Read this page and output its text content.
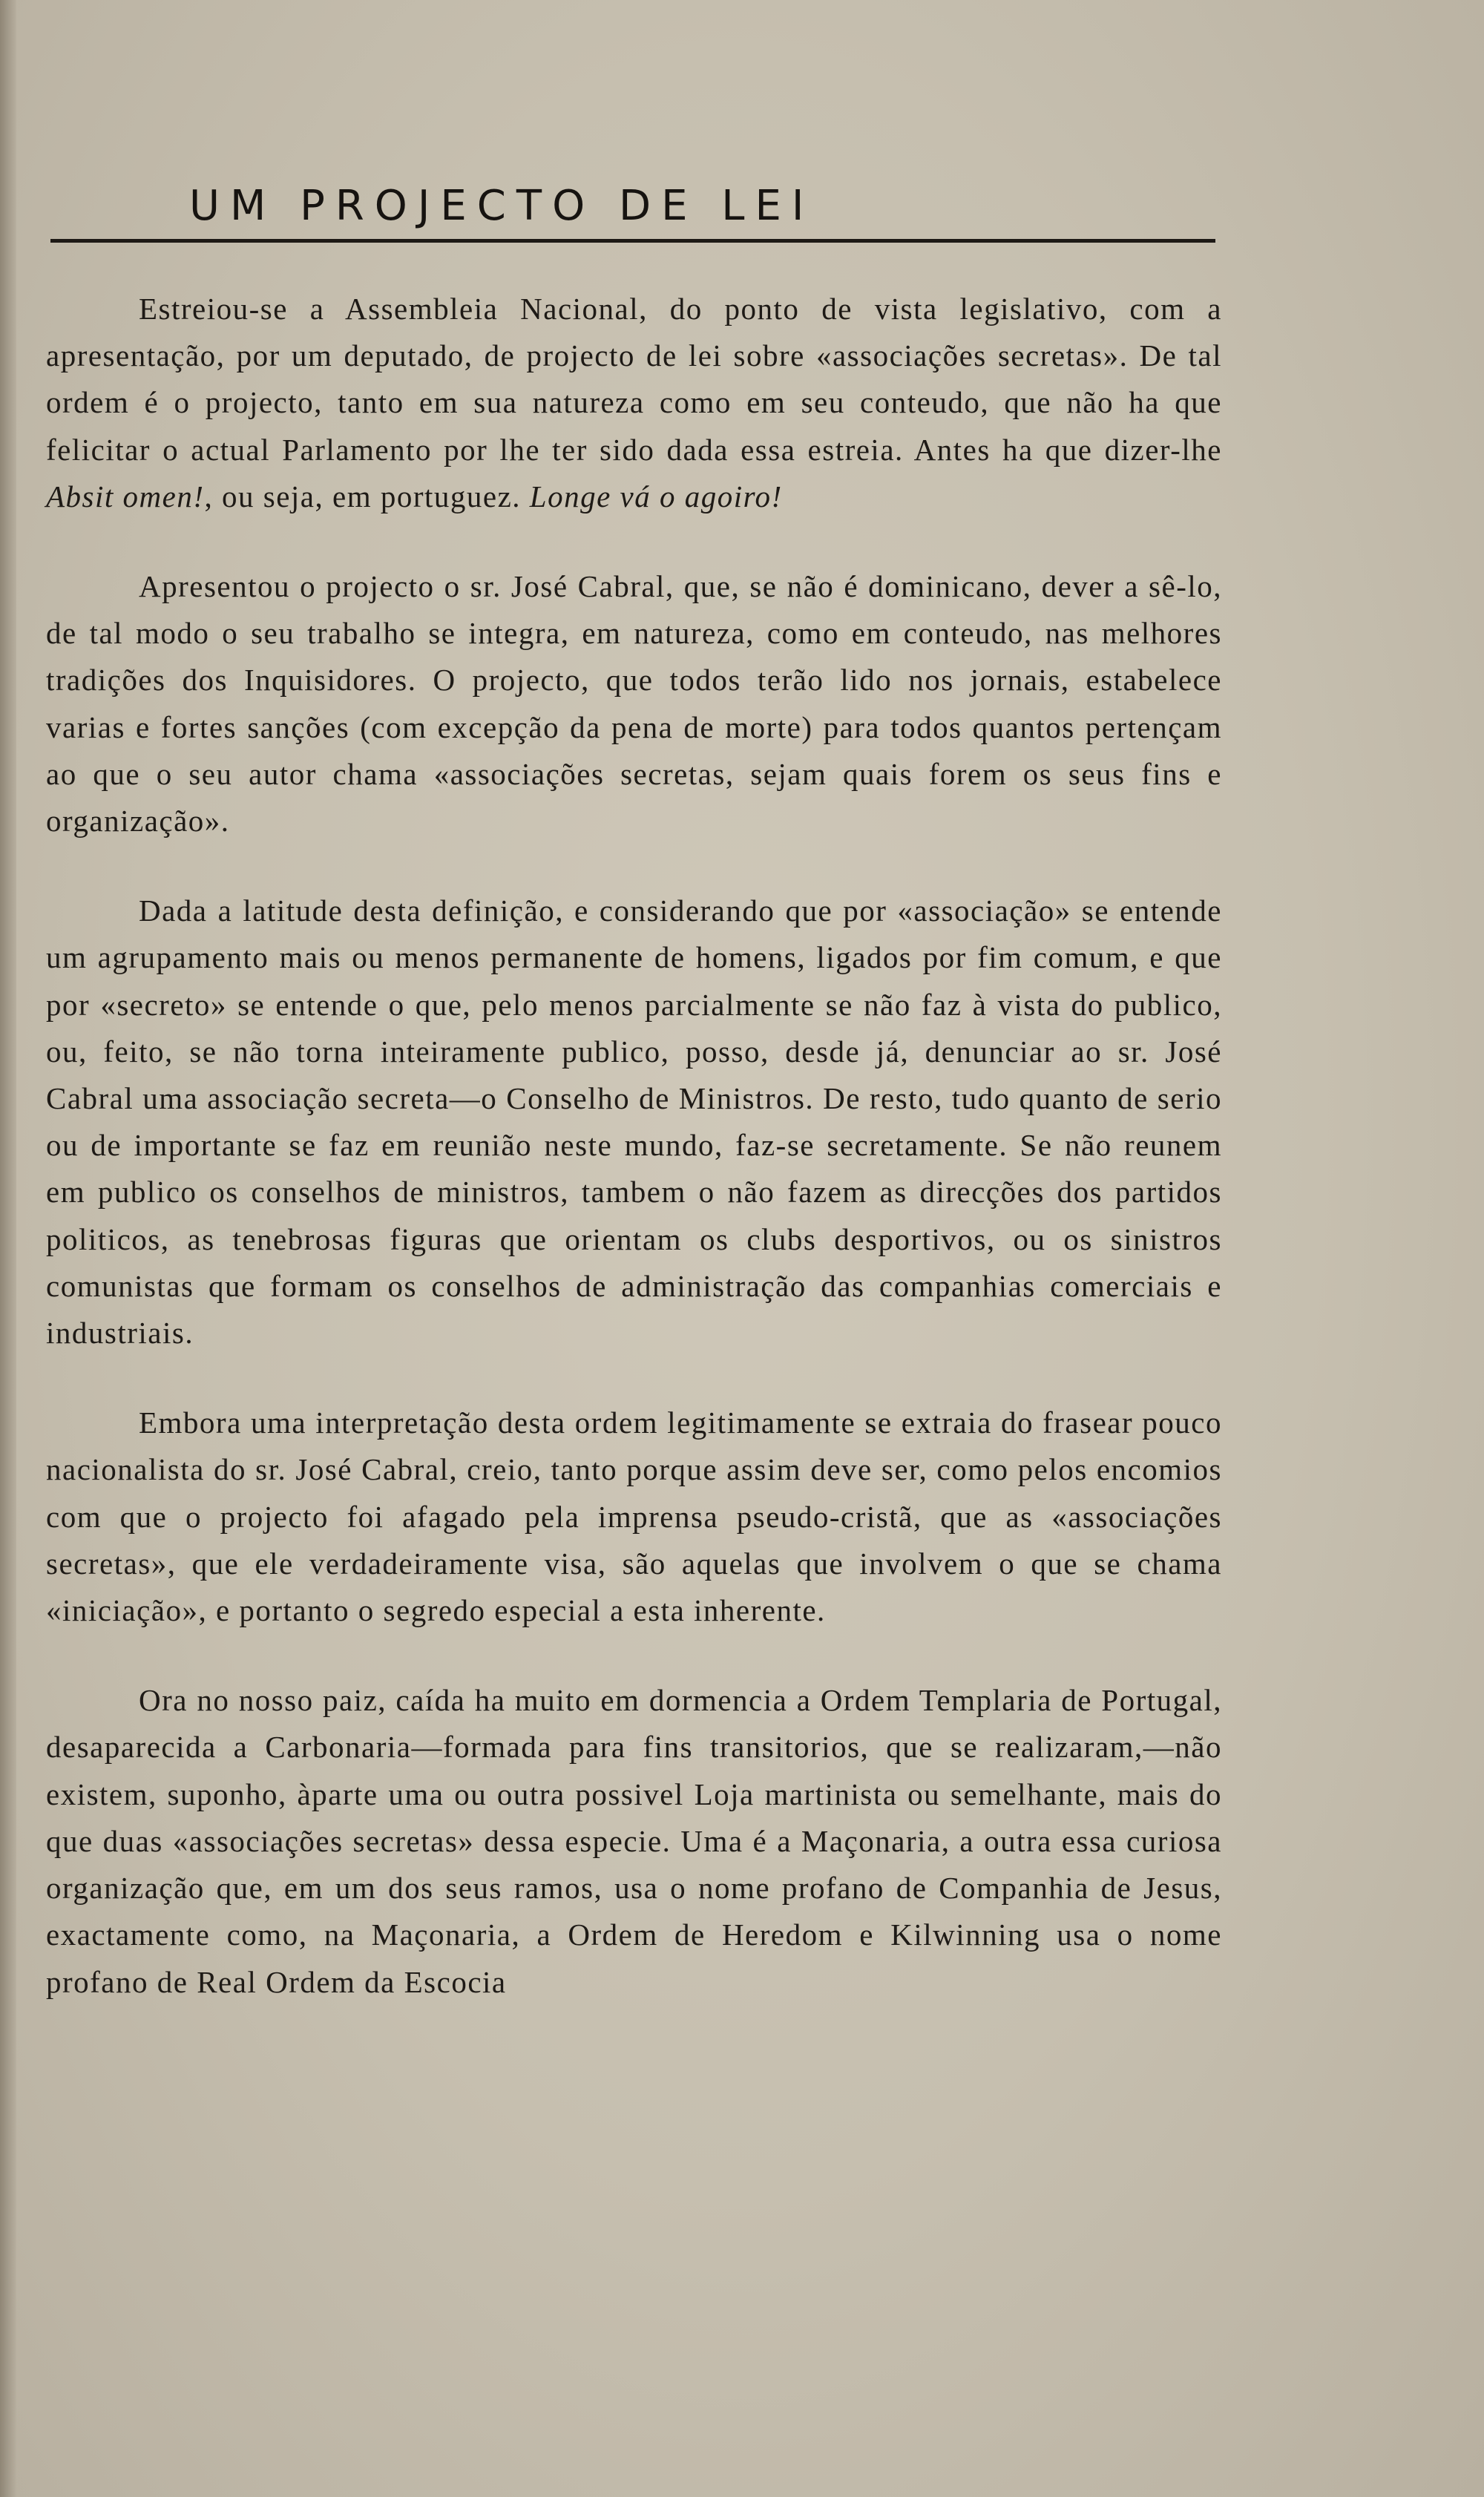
UM PROJECTO DE LEI

Estreiou-se a Assembleia Nacional, do ponto de vista legislativo, com a apresentação, por um deputado, de projecto de lei sobre «associações secretas». De tal ordem é o projecto, tanto em sua natureza como em seu conteudo, que não ha que felicitar o actual Parlamento por lhe ter sido dada essa estreia. Antes ha que dizer-lhe Absit omen!, ou seja, em portuguez. Longe vá o agoiro!

Apresentou o projecto o sr. José Cabral, que, se não é dominicano, dever a sê-lo, de tal modo o seu trabalho se integra, em natureza, como em conteudo, nas melhores tradições dos Inquisidores. O projecto, que todos terão lido nos jornais, estabelece varias e fortes sanções (com excepção da pena de morte) para todos quantos pertençam ao que o seu autor chama «associações secretas, sejam quais forem os seus fins e organização».

Dada a latitude desta definição, e considerando que por «associação» se entende um agrupamento mais ou menos permanente de homens, ligados por fim comum, e que por «secreto» se entende o que, pelo menos parcialmente se não faz à vista do publico, ou, feito, se não torna inteiramente publico, posso, desde já, denunciar ao sr. José Cabral uma associação secreta—o Conselho de Ministros. De resto, tudo quanto de serio ou de importante se faz em reunião neste mundo, faz-se secretamente. Se não reunem em publico os conselhos de ministros, tambem o não fazem as direcções dos partidos politicos, as tenebrosas figuras que orientam os clubs desportivos, ou os sinistros comunistas que formam os conselhos de administração das companhias comerciais e industriais.

Embora uma interpretação desta ordem legitimamente se extraia do frasear pouco nacionalista do sr. José Cabral, creio, tanto porque assim deve ser, como pelos encomios com que o projecto foi afagado pela imprensa pseudo-cristã, que as «associações secretas», que ele verdadeiramente visa, são aquelas que involvem o que se chama «iniciação», e portanto o segredo especial a esta inherente.

Ora no nosso paiz, caída ha muito em dormencia a Ordem Templaria de Portugal, desaparecida a Carbonaria—formada para fins transitorios, que se realizaram,—não existem, suponho, àparte uma ou outra possivel Loja martinista ou semelhante, mais do que duas «associações secretas» dessa especie. Uma é a Maçonaria, a outra essa curiosa organização que, em um dos seus ramos, usa o nome profano de Companhia de Jesus, exactamente como, na Maçonaria, a Ordem de Heredom e Kilwinning usa o nome profano de Real Ordem da Escocia
